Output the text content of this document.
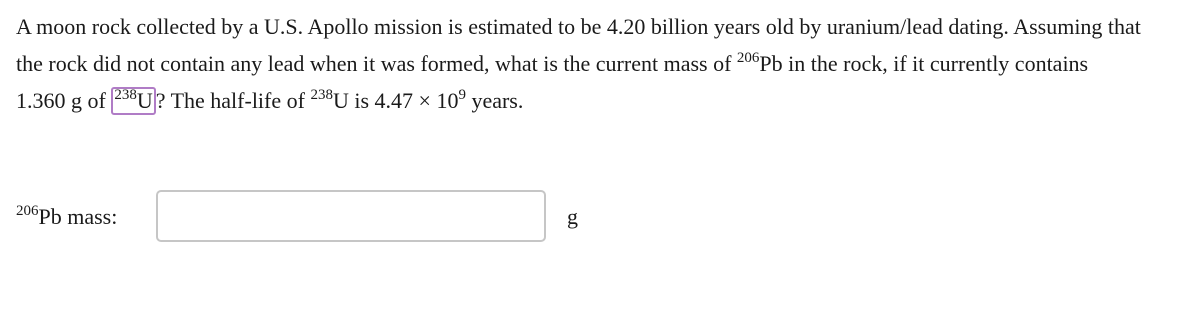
A moon rock collected by a U.S. Apollo mission is estimated to be 4.20 billion years old by uranium/lead dating. Assuming that
the rock did not contain any lead when it was formed, what is the current mass of $^{206}$Pb in the rock, if it currently contains
1.360 g of $^{238}$U ? The half-life of $^{238}$U is $4.47 \times 10^9$ years.
$^{206}$Pb mass:	g
